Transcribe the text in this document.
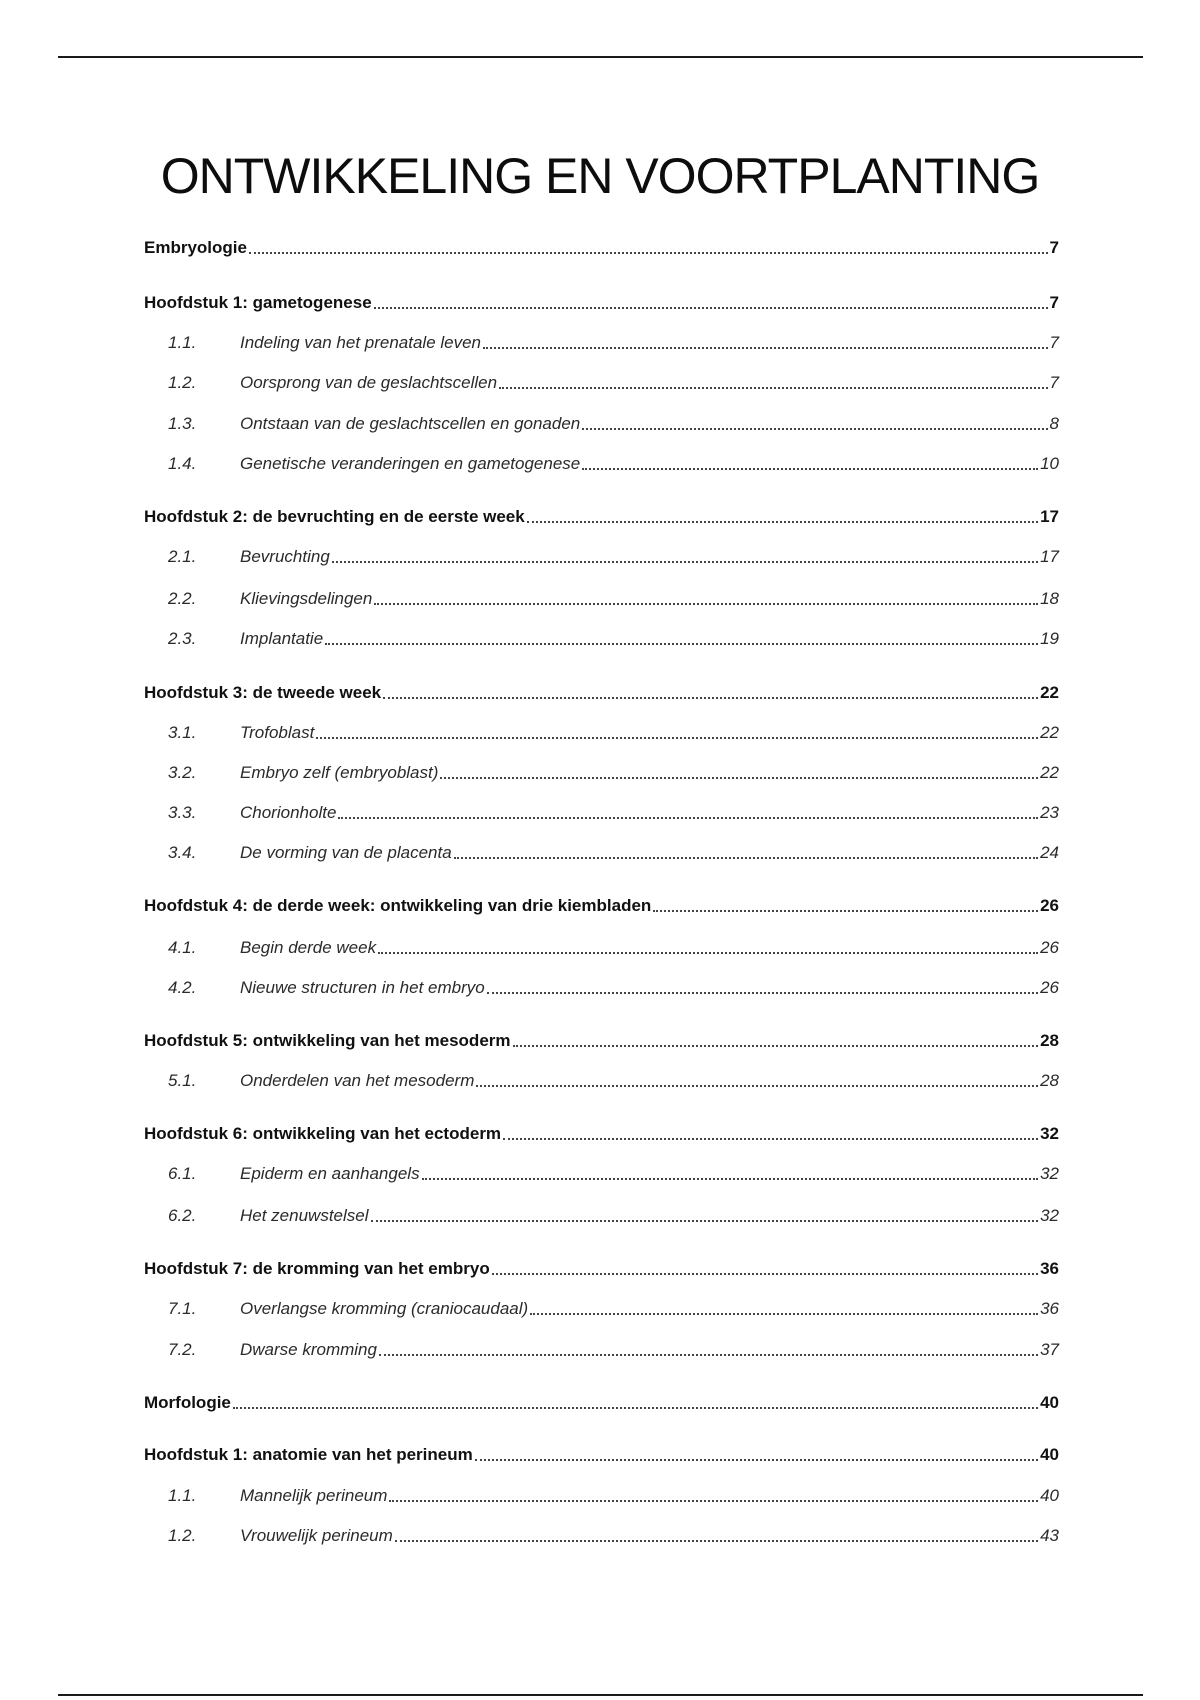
ONTWIKKELING EN VOORTPLANTING
Embryologie	7
Hoofdstuk 1: gametogenese	7
1.1.	Indeling van het prenatale leven	7
1.2.	Oorsprong van de geslachtscellen	7
1.3.	Ontstaan van de geslachtscellen en gonaden	8
1.4.	Genetische veranderingen en gametogenese	10
Hoofdstuk 2: de bevruchting en de eerste week	17
2.1.	Bevruchting	17
2.2.	Klievingsdelingen	18
2.3.	Implantatie	19
Hoofdstuk 3: de tweede week	22
3.1.	Trofoblast	22
3.2.	Embryo zelf (embryoblast)	22
3.3.	Chorionholte	23
3.4.	De vorming van de placenta	24
Hoofdstuk 4: de derde week: ontwikkeling van drie kiembladen	26
4.1.	Begin derde week	26
4.2.	Nieuwe structuren in het embryo	26
Hoofdstuk 5: ontwikkeling van het mesoderm	28
5.1.	Onderdelen van het mesoderm	28
Hoofdstuk 6: ontwikkeling van het ectoderm	32
6.1.	Epiderm en aanhangels	32
6.2.	Het zenuwstelsel	32
Hoofdstuk 7: de kromming van het embryo	36
7.1.	Overlangse kromming (craniocaudaal)	36
7.2.	Dwarse kromming	37
Morfologie	40
Hoofdstuk 1: anatomie van het perineum	40
1.1.	Mannelijk perineum	40
1.2.	Vrouwelijk perineum	43
